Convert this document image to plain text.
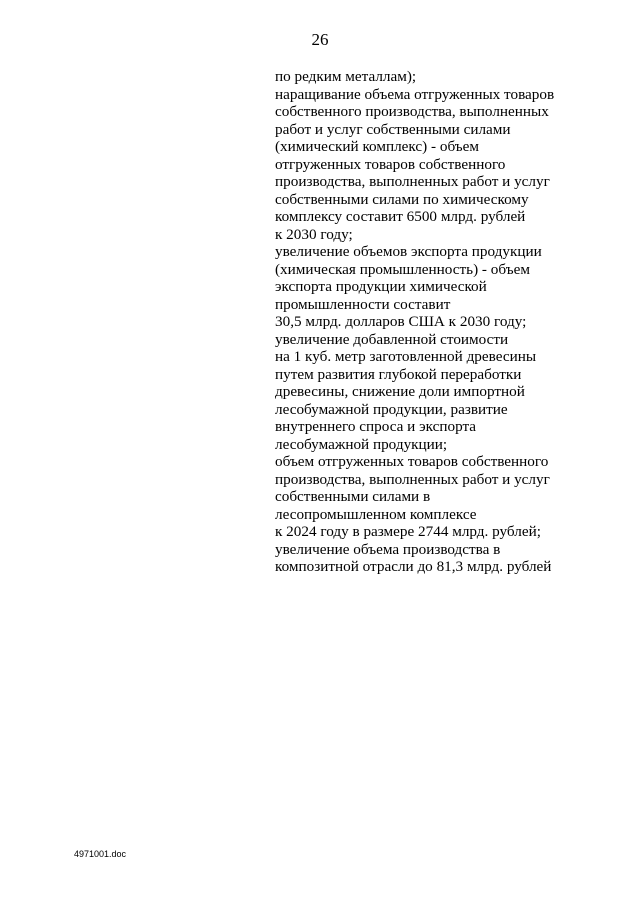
26
по редким металлам);
наращивание объема отгруженных товаров
собственного производства, выполненных
работ и услуг собственными силами
(химический комплекс) - объем
отгруженных товаров собственного
производства, выполненных работ и услуг
собственными силами по химическому
комплексу составит 6500 млрд. рублей
к 2030 году;
увеличение объемов экспорта продукции
(химическая промышленность) - объем
экспорта продукции химической
промышленности составит
30,5 млрд. долларов США к 2030 году;
увеличение добавленной стоимости
на 1 куб. метр заготовленной древесины
путем развития глубокой переработки
древесины, снижение доли импортной
лесобумажной продукции, развитие
внутреннего спроса и экспорта
лесобумажной продукции;
объем отгруженных товаров собственного
производства, выполненных работ и услуг
собственными силами в
лесопромышленном комплексе
к 2024 году в размере 2744 млрд. рублей;
увеличение объема производства в
композитной отрасли до 81,3 млрд. рублей
4971001.doc
